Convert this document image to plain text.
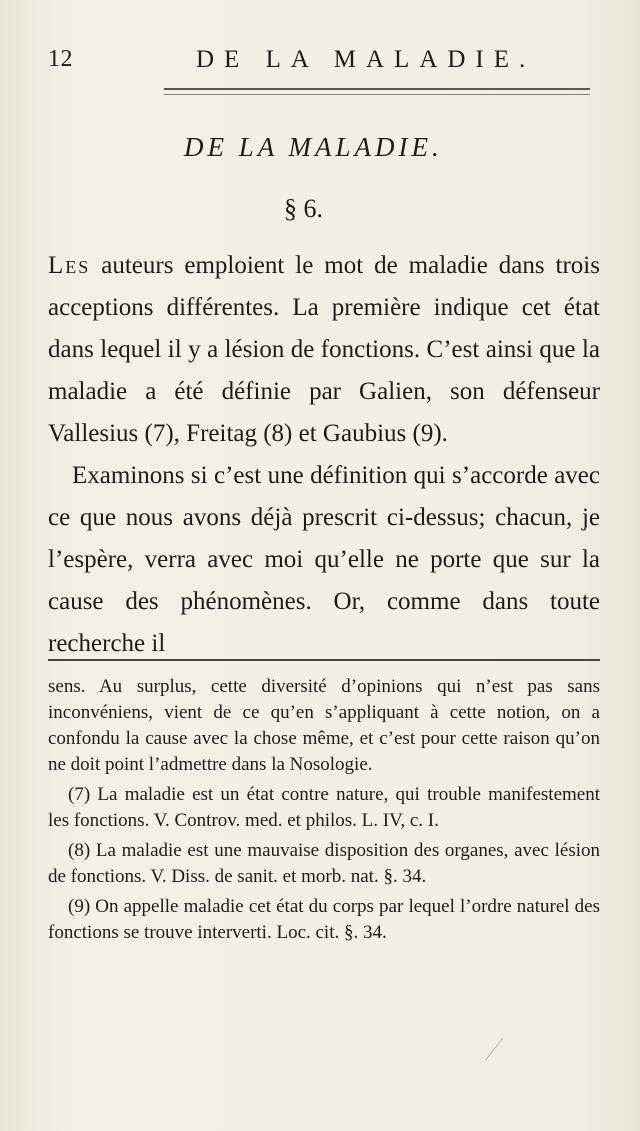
12	DE LA MALADIE.
DE LA MALADIE.
§ 6.

Les auteurs emploient le mot de maladie dans trois acceptions différentes. La première indique cet état dans lequel il y a lésion de fonctions. C’est ainsi que la maladie a été définie par Galien, son défenseur Vallesius (7), Freitag (8) et Gaubius (9).

Examinons si c’est une définition qui s’accorde avec ce que nous avons déjà prescrit ci-dessus; chacun, je l’espère, verra avec moi qu’elle ne porte que sur la cause des phénomènes. Or, comme dans toute recherche il

sens. Au surplus, cette diversité d’opinions qui n’est pas sans inconvéniens, vient de ce qu’en s’appliquant à cette notion, on a confondu la cause avec la chose même, et c’est pour cette raison qu’on ne doit point l’admettre dans la Nosologie.

(7) La maladie est un état contre nature, qui trouble manifestement les fonctions. V. Controv. med. et philos. L. IV, c. I.

(8) La maladie est une mauvaise disposition des organes, avec lésion de fonctions. V. Diss. de sanit. et morb. nat. §. 34.

(9) On appelle maladie cet état du corps par lequel l’ordre naturel des fonctions se trouve interverti. Loc. cit. §. 34.
